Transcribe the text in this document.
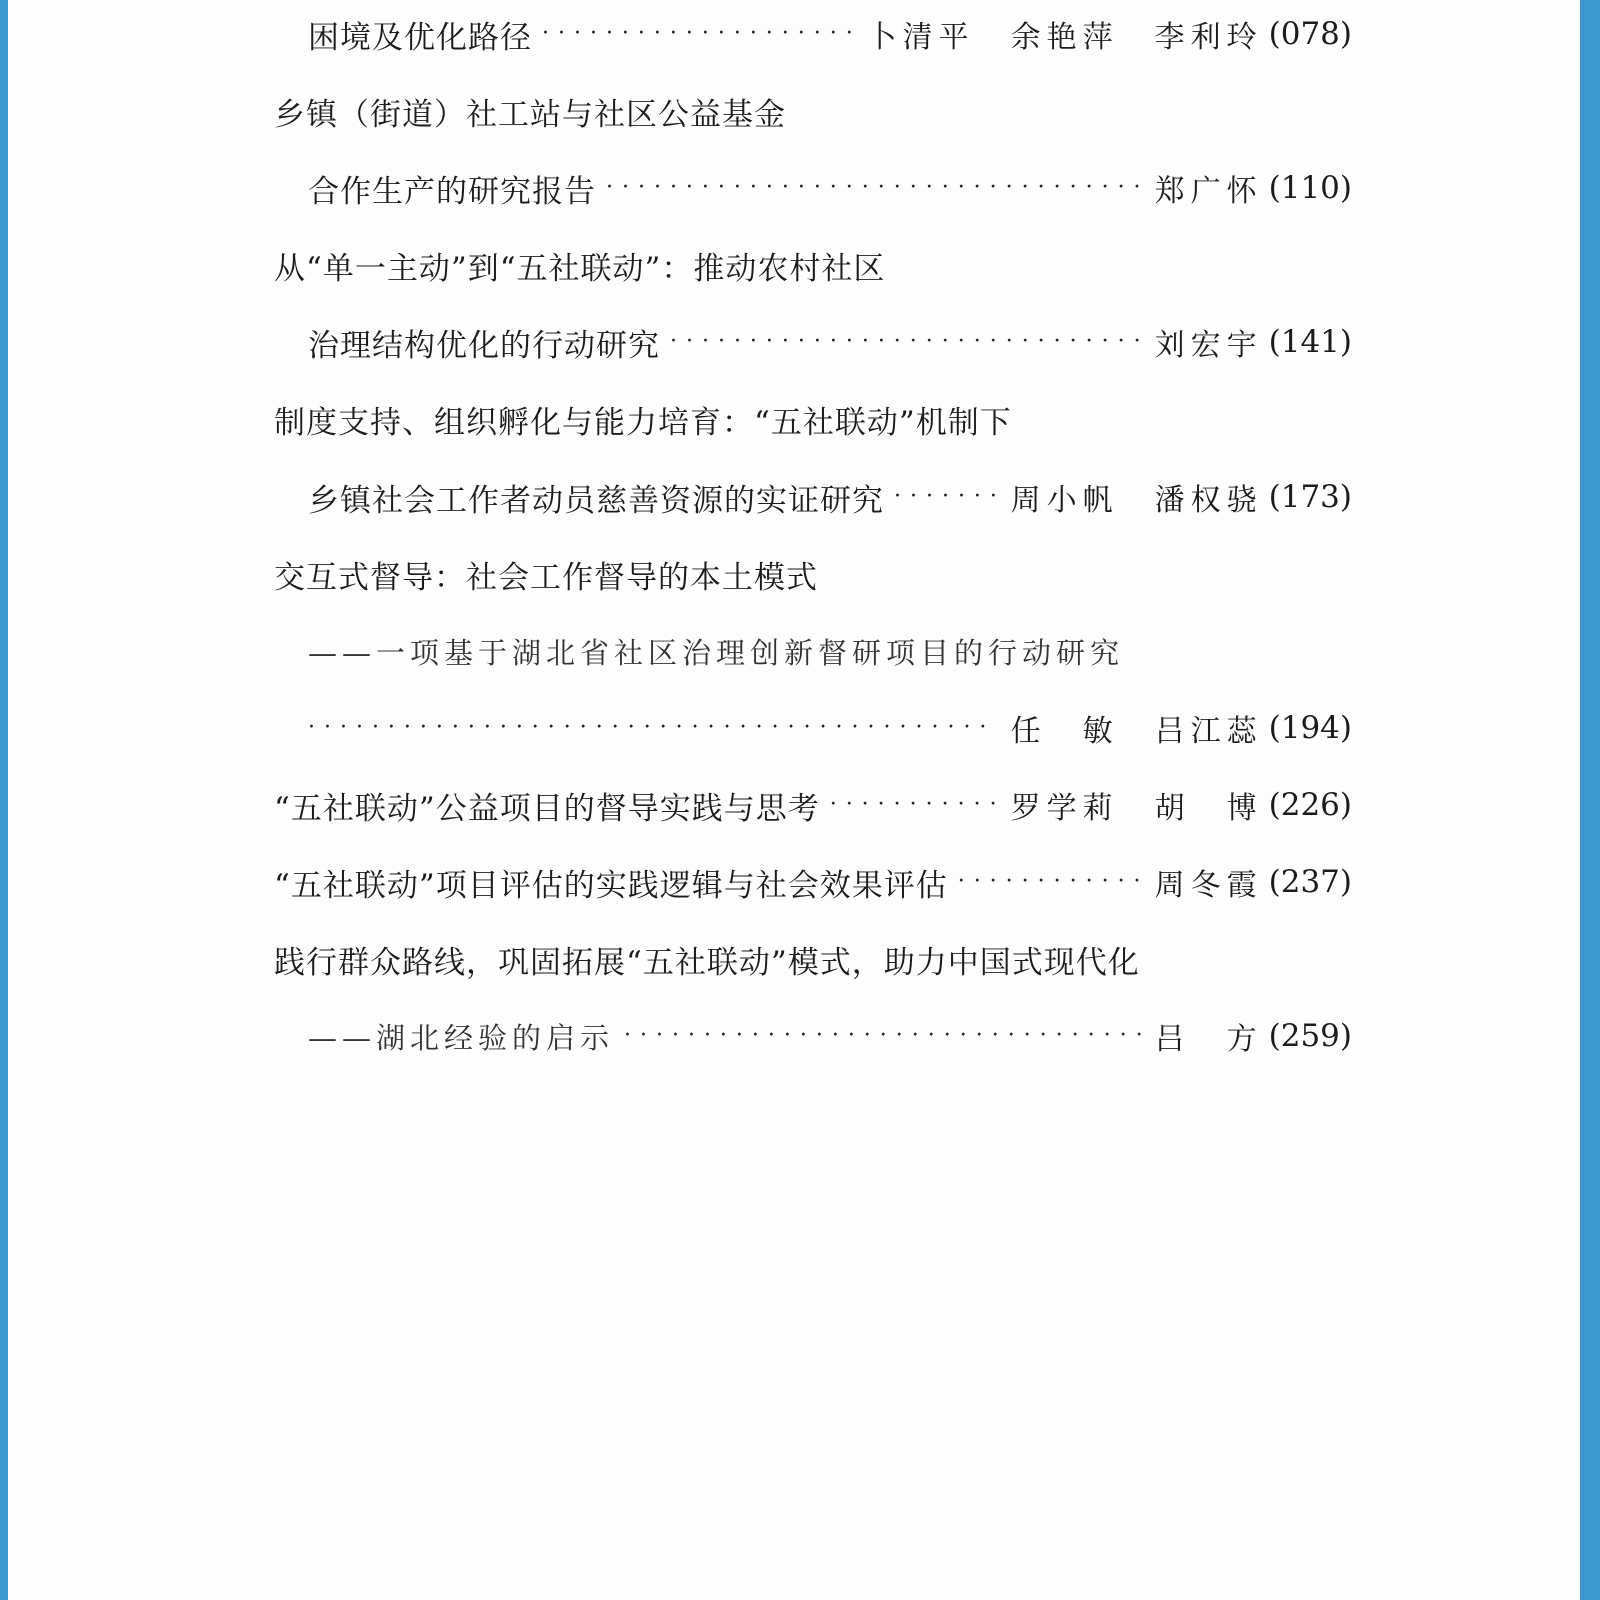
困境及优化路径 · · ·	卜清平　余艳萍　李利玲 (078)
乡镇（街道）社工站与社区公益基金
合作生产的研究报告 · · ·	郑广怀 (110)
从“单一主动”到“五社联动”：推动农村社区
治理结构优化的行动研究 · · ·	刘宏宇 (141)
制度支持、组织孵化与能力培育：“五社联动”机制下
乡镇社会工作者动员慈善资源的实证研究 · · ·	周小帆　潘权骁 (173)
交互式督导：社会工作督导的本土模式
——一项基于湖北省社区治理创新督研项目的行动研究
· · ·
任　敏　吕江蕊 (194)
“五社联动”公益项目的督导实践与思考 · · ·	罗学莉　胡　博 (226)
“五社联动”项目评估的实践逻辑与社会效果评估 · · ·	周冬霞 (237)
践行群众路线，巩固拓展“五社联动”模式，助力中国式现代化
——湖北经验的启示 · · ·	吕　方 (259)
